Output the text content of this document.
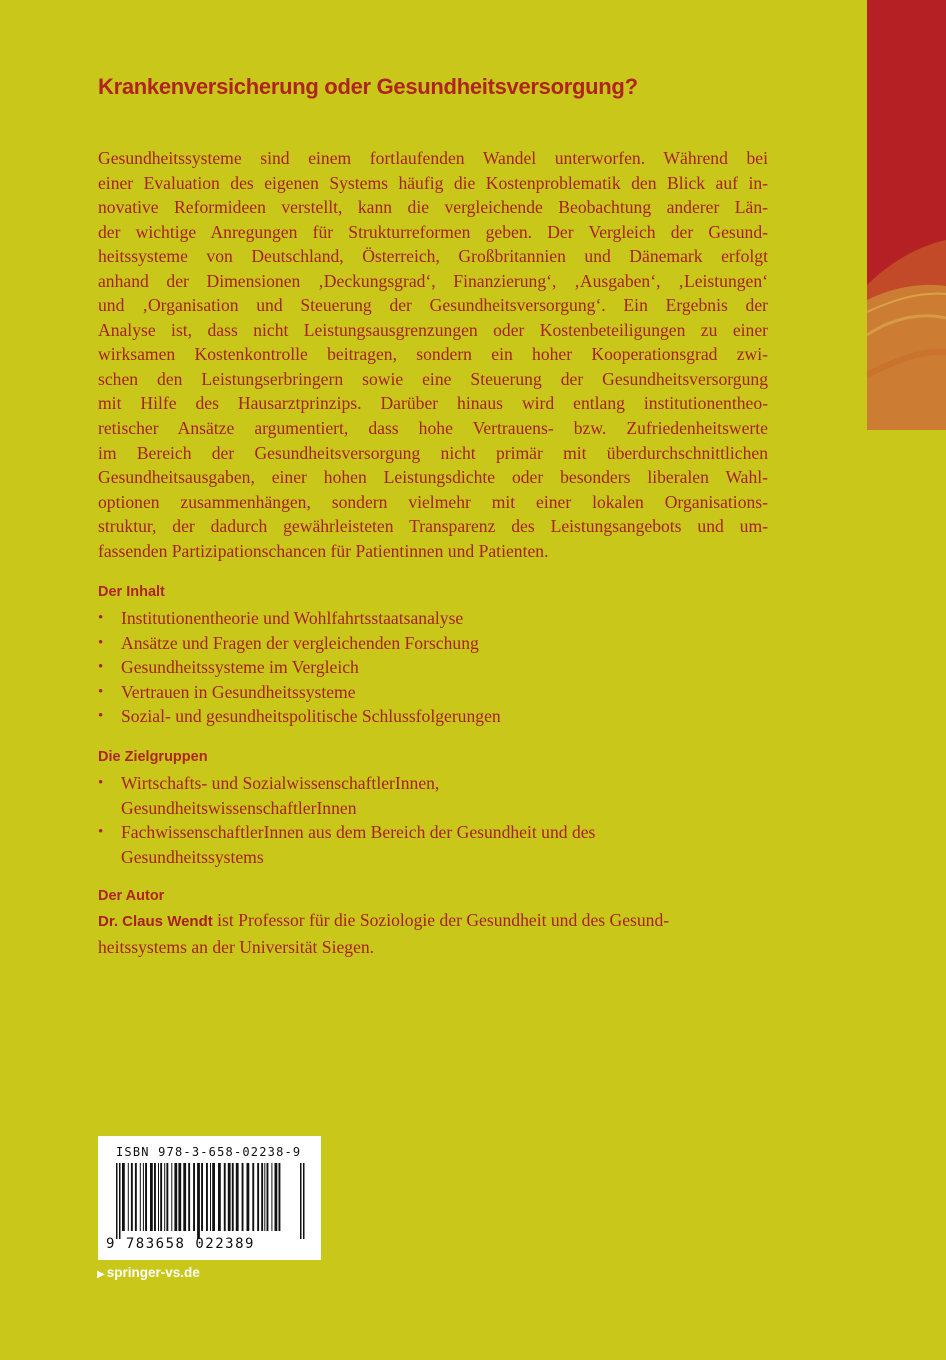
Krankenversicherung oder Gesundheitsversorgung?
Gesundheitssysteme sind einem fortlaufenden Wandel unterworfen. Während bei
einer Evaluation des eigenen Systems häufig die Kostenproblematik den Blick auf in-
novative Reformideen verstellt, kann die vergleichende Beobachtung anderer Län-
der wichtige Anregungen für Strukturreformen geben. Der Vergleich der Gesund-
heitssysteme von Deutschland, Österreich, Großbritannien und Dänemark erfolgt
anhand der Dimensionen ‚Deckungsgrad‘, Finanzierung‘, ‚Ausgaben‘, ‚Leistungen‘
und ‚Organisation und Steuerung der Gesundheitsversorgung‘. Ein Ergebnis der
Analyse ist, dass nicht Leistungsausgrenzungen oder Kostenbeteiligungen zu einer
wirksamen Kostenkontrolle beitragen, sondern ein hoher Kooperationsgrad zwi-
schen den Leistungserbringern sowie eine Steuerung der Gesundheitsversorgung
mit Hilfe des Hausarztprinzips. Darüber hinaus wird entlang institutionentheo-
retischer Ansätze argumentiert, dass hohe Vertrauens- bzw. Zufriedenheitswerte
im Bereich der Gesundheitsversorgung nicht primär mit überdurchschnittlichen
Gesundheitsausgaben, einer hohen Leistungsdichte oder besonders liberalen Wahl-
optionen zusammenhängen, sondern vielmehr mit einer lokalen Organisations-
struktur, der dadurch gewährleisteten Transparenz des Leistungsangebots und um-
fassenden Partizipationschancen für Patientinnen und Patienten.
Der Inhalt
• Institutionentheorie und Wohlfahrtsstaatsanalyse
• Ansätze und Fragen der vergleichenden Forschung
• Gesundheitssysteme im Vergleich
• Vertrauen in Gesundheitssysteme
• Sozial- und gesundheitspolitische Schlussfolgerungen
Die Zielgruppen
• Wirtschafts- und SozialwissenschaftlerInnen,
GesundheitswissenschaftlerInnen
• FachwissenschaftlerInnen aus dem Bereich der Gesundheit und des
Gesundheitssystems
Der Autor

Dr. Claus Wendt ist Professor für die Soziologie der Gesundheit und des Gesund-
heitssystems an der Universität Siegen.

ISBN 978-3-658-02238-9
9 783658 022389
▶ springer-vs.de
